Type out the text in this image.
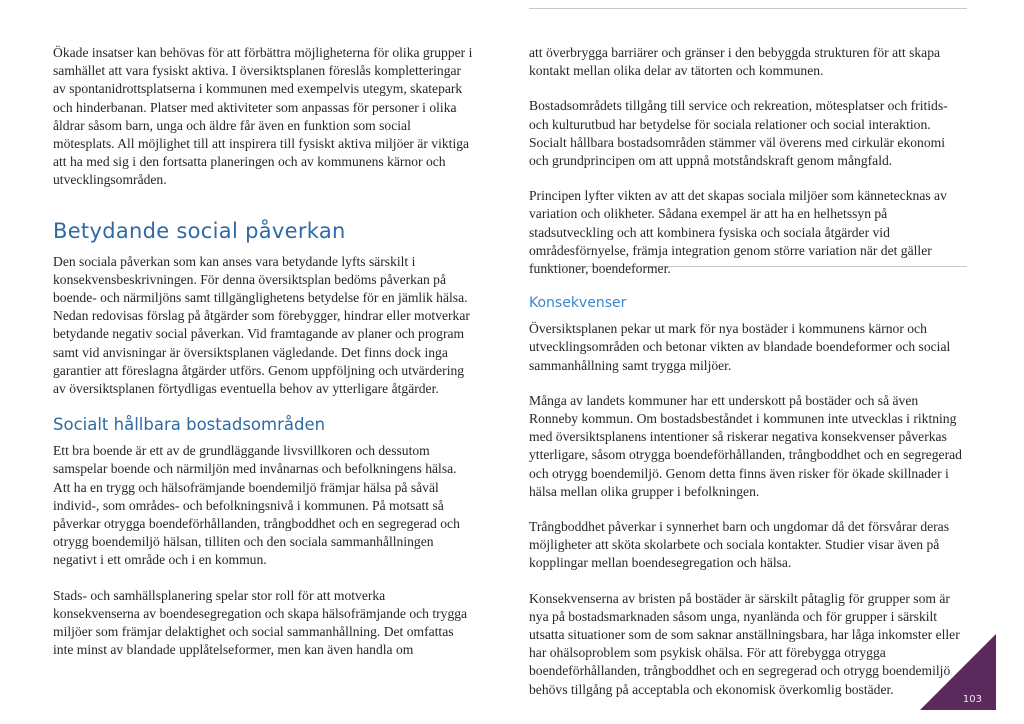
Ökade insatser kan behövas för att förbättra möjligheterna för olika grupper i samhället att vara fysiskt aktiva. I översiktsplanen föreslås kompletteringar av spontanidrottsplatserna i kommunen med exempelvis utegym, skatepark och hinderbanan. Platser med aktiviteter som anpassas för personer i olika åldrar såsom barn, unga och äldre får även en funktion som social mötesplats. All möjlighet till att inspirera till fysiskt aktiva miljöer är viktiga att ha med sig i den fortsatta planeringen och av kommunens kärnor och utvecklingsområden.

Betydande social påverkan

Den sociala påverkan som kan anses vara betydande lyfts särskilt i konsekvensbeskrivningen. För denna översiktsplan bedöms påverkan på boende- och närmiljöns samt tillgänglighetens betydelse för en jämlik hälsa. Nedan redovisas förslag på åtgärder som förebygger, hindrar eller motverkar betydande negativ social påverkan. Vid framtagande av planer och program samt vid anvisningar är översiktsplanen vägledande. Det finns dock inga garantier att föreslagna åtgärder utförs. Genom uppföljning och utvärdering av översiktsplanen förtydligas eventuella behov av ytterligare åtgärder.

Socialt hållbara bostadsområden

Ett bra boende är ett av de grundläggande livsvillkoren och dessutom samspelar boende och närmiljön med invånarnas och befolkningens hälsa. Att ha en trygg och hälsofrämjande boendemiljö främjar hälsa på såväl individ-, som områdes- och befolkningsnivå i kommunen. På motsatt så påverkar otrygga boendeförhållanden, trångboddhet och en segregerad och otrygg boendemiljö hälsan, tilliten och den sociala sammanhållningen negativt i ett område och i en kommun.

Stads- och samhällsplanering spelar stor roll för att motverka konsekvenserna av boendesegregation och skapa hälsofrämjande och trygga miljöer som främjar delaktighet och social sammanhållning. Det omfattas inte minst av blandade upplåtelseformer, men kan även handla om

att överbrygga barriärer och gränser i den bebyggda strukturen för att skapa kontakt mellan olika delar av tätorten och kommunen.

Bostadsområdets tillgång till service och rekreation, mötesplatser och fritids- och kulturutbud har betydelse för sociala relationer och social interaktion. Socialt hållbara bostadsområden stämmer väl överens med cirkulär ekonomi och grundprincipen om att uppnå motståndskraft genom mångfald.

Principen lyfter vikten av att det skapas sociala miljöer som kännetecknas av variation och olikheter. Sådana exempel är att ha en helhetssyn på stadsutveckling och att kombinera fysiska och sociala åtgärder vid områdesförnyelse, främja integration genom större variation när det gäller funktioner, boendeformer.

Konsekvenser

Översiktsplanen pekar ut mark för nya bostäder i kommunens kärnor och utvecklingsområden och betonar vikten av blandade boendeformer och social sammanhållning samt trygga miljöer.

Många av landets kommuner har ett underskott på bostäder och så även Ronneby kommun. Om bostadsbeståndet i kommunen inte utvecklas i riktning med översiktsplanens intentioner så riskerar negativa konsekvenser påverkas ytterligare, såsom otrygga boendeförhållanden, trångboddhet och en segregerad och otrygg boendemiljö. Genom detta finns även risker för ökade skillnader i hälsa mellan olika grupper i befolkningen.

Trångboddhet påverkar i synnerhet barn och ungdomar då det försvårar deras möjligheter att sköta skolarbete och sociala kontakter. Studier visar även på kopplingar mellan boendesegregation och hälsa.

Konsekvenserna av bristen på bostäder är särskilt påtaglig för grupper som är nya på bostadsmarknaden såsom unga, nyanlända och för grupper i särskilt utsatta situationer som de som saknar anställningsbara, har låga inkomster eller har ohälsoproblem som psykisk ohälsa. För att förebygga otrygga boendeförhållanden, trångboddhet och en segregerad och otrygg boendemiljö behövs tillgång på acceptabla och ekonomisk överkomlig bostäder.

103
